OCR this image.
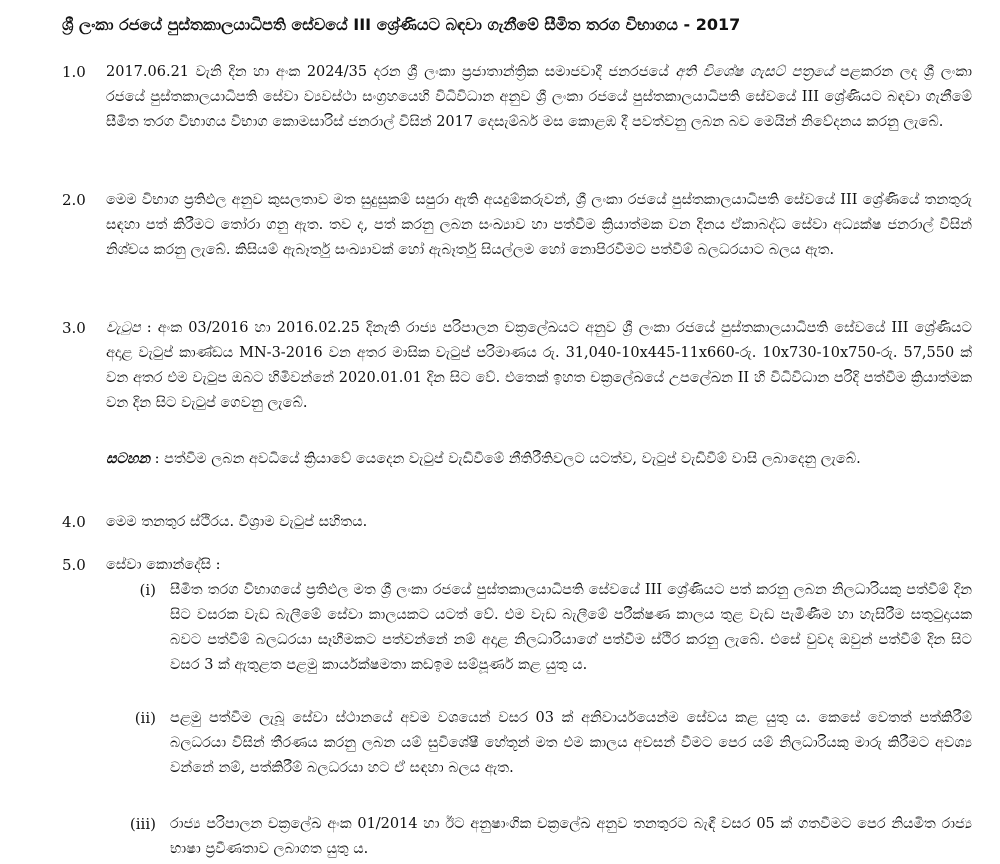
ශ්‍රී ලංකා රජයේ පුස්තකාලයාධිපති සේවයේ III ශ්‍රේණියට බඳවා ගැනීමේ සීමිත තරග විභාගය - 2017
1.0 2017.06.21 වැනි දින හා අංක 2024/35 දරන ශ්‍රී ලංකා ප්‍රජාතාන්ත්‍රික සමාජවාදී ජනරජයේ අති විශේෂ ගැසට් පත්‍රයේ පළකරන ලද ශ්‍රී ලංකා රජයේ පුස්තකාලයාධිපති සේවා ව්‍යවස්ථා සංග්‍රහයෙහි විධිවිධාන අනුව ශ්‍රී ලංකා රජයේ පුස්තකාලයාධිපති සේවයේ III ශ්‍රේණියට බඳවා ගැනීමේ සීමිත තරග විභාගය විභාග කොමසාරිස් ජනරාල් විසින් 2017 දෙසැම්බර් මස කොළඹ දී පවත්වනු ලබන බව මෙයින් නිවේදනය කරනු ලැබේ.
2.0 මෙම විභාග ප්‍රතිඵල අනුව කුසලතාව මත සුදුසුකම් සපුරා ඇති අයදුම්කරුවන්, ශ්‍රී ලංකා රජයේ පුස්තකාලයාධිපති සේවයේ III ශ්‍රේණියේ තනතුරු සඳහා පත් කිරීමට තෝරා ගනු ඇත. තව ද, පත් කරනු ලබන සංඛ්‍යාව හා පත්වීම ක්‍රියාත්මක වන දිනය ඒකාබද්ධ සේවා අධ්‍යක්ෂ ජනරාල් විසින් නිශ්චය කරනු ලැබේ. කිසියම් ඇබෑර්තු සංඛ්‍යාවක් හෝ ඇබෑර්තු සියල්ලම හෝ නොපිරවීමට පත්වීම් බලධරයාට බලය ඇත.
3.0 වැටුප : අංක 03/2016 හා 2016.02.25 දිනැති රාජ්‍ය පරිපාලන චක්‍රලේඛයට අනුව ශ්‍රී ලංකා රජයේ පුස්තකාලයාධිපති සේවයේ III ශ්‍රේණියට අදාළ වැටුප් කාණ්ඩය MN-3-2016 වන අතර මාසික වැටුප් පරිමාණය රු. 31,040-10x445-11x660-රු. 10x730-10x750-රු. 57,550 ක් වන අතර එම වැටුප ඔබට හිමිවන්නේ 2020.01.01 දින සිට වේ. එතෙක් ඉහත චක්‍රලේඛයේ උපලේඛන II හි විධිවිධාන පරිදි පත්වීම ක්‍රියාත්මක වන දින සිට වැටුප් ගෙවනු ලැබේ.
සටහන : පත්වීම ලබන අවධියේ ක්‍රියාවේ යෙදෙන වැටුප් වැඩිවීමේ නීතිරීතිවලට යටත්ව, වැටුප් වැඩිවීම් වාසි ලබාදෙනු ලැබේ.
4.0 මෙම තනතුර ස්ථිරය. විශ්‍රාම වැටුප් සහිතය.
5.0 සේවා කොන්දේසි :
(i) සීමිත තරග විභාගයේ ප්‍රතිඵල මත ශ්‍රී ලංකා රජයේ පුස්තකාලයාධිපති සේවයේ III ශ්‍රේණියට පත් කරනු ලබන නිලධාරියකු පත්වීම් දින සිට වසරක වැඩ බැලීමේ සේවා කාලයකට යටත් වේ. එම වැඩ බැලීමේ පරීක්ෂණ කාලය තුළ වැඩ පැමිණීම හා හැසිරීම සතුටුදායක බවට පත්වීම් බලධරයා සෑහීමකට පත්වන්නේ නම් අදාළ නිලධාරියාගේ පත්වීම ස්ථිර කරනු ලැබේ. එසේ වුවද ඔවුන් පත්වීම් දින සිට වසර 3 ක් ඇතුළත පළමු කාර්යක්ෂමතා කඩඉම සම්පූර්ණ කළ යුතු ය.
(ii) පළමු පත්වීම ලැබූ සේවා ස්ථානයේ අවම වශයෙන් වසර 03 ක් අනිවාර්යයෙන්ම සේවය කළ යුතු ය. කෙසේ වෙතත් පත්කිරීම් බලධරයා විසින් තීරණය කරනු ලබන යම් සුවිශේෂී හේතූන් මත එම කාලය අවසන් වීමට පෙර යම් නිලධාරියකු මාරු කිරීමට අවශ්‍ය වන්නේ නම්, පත්කිරීම් බලධරයා හට ඒ සඳහා බලය ඇත.
(iii) රාජ්‍ය පරිපාලන චක්‍රලේඛ අංක 01/2014 හා ඊට අනුෂාංගික චක්‍රලේඛ අනුව තනතුරට බැඳී වසර 05 ක් ගතවීමට පෙර නියමිත රාජ්‍ය භාෂා ප්‍රවීණතාව ලබාගත යුතු ය.
